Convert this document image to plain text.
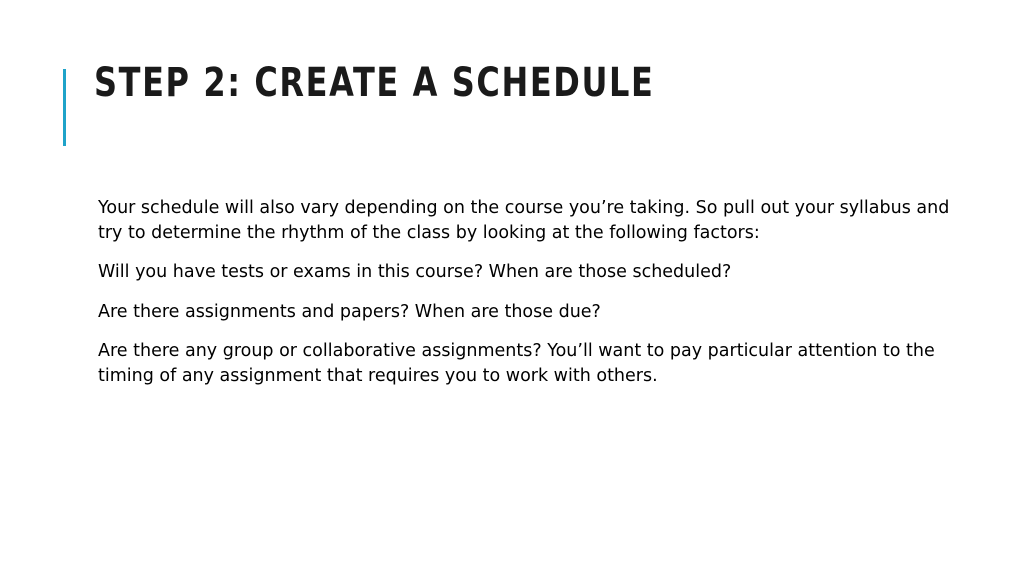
STEP 2: CREATE A SCHEDULE

Your schedule will also vary depending on the course you’re taking. So pull out your syllabus and try to determine the rhythm of the class by looking at the following factors:

Will you have tests or exams in this course? When are those scheduled?

Are there assignments and papers? When are those due?

Are there any group or collaborative assignments? You’ll want to pay particular attention to the timing of any assignment that requires you to work with others.
